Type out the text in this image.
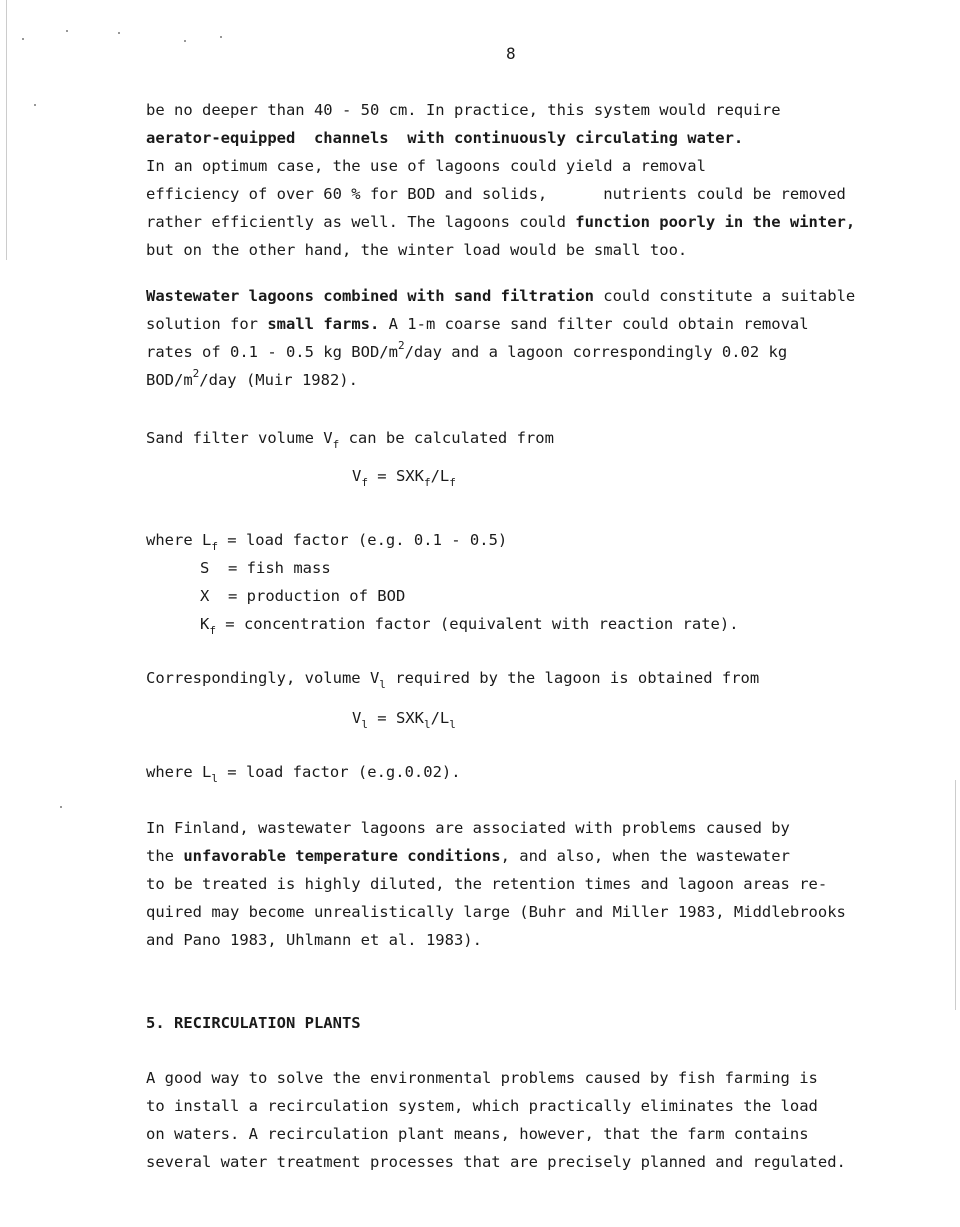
8
be no deeper than 40 - 50 cm. In practice, this system would require
aerator-equipped  channels  with continuously circulating water.
In an optimum case, the use of lagoons could yield a removal
efficiency of over 60 % for BOD and solids,      nutrients could be removed
rather efficiently as well. The lagoons could function poorly in the winter,
but on the other hand, the winter load would be small too.
Wastewater lagoons combined with sand filtration could constitute a suitable
solution for small farms. A 1-m coarse sand filter could obtain removal
rates of 0.1 - 0.5 kg BOD/$m^2$/day and a lagoon correspondingly 0.02 kg
BOD/$m^2$/day (Muir 1982).
Sand filter volume $V_f$ can be calculated from
$V_f = SXK_f/L_f$
where $L_f$ = load factor (e.g. 0.1 - 0.5)
S  = fish mass
X  = production of BOD
$K_f$ = concentration factor (equivalent with reaction rate).
Correspondingly, volume $V_l$ required by the lagoon is obtained from
$V_l = SXK_l/L_l$
where $L_l$ = load factor (e.g.0.02).
In Finland, wastewater lagoons are associated with problems caused by
the unfavorable temperature conditions, and also, when the wastewater
to be treated is highly diluted, the retention times and lagoon areas re-
quired may become unrealistically large (Buhr and Miller 1983, Middlebrooks
and Pano 1983, Uhlmann et al. 1983).
5. RECIRCULATION PLANTS
A good way to solve the environmental problems caused by fish farming is
to install a recirculation system, which practically eliminates the load
on waters. A recirculation plant means, however, that the farm contains
several water treatment processes that are precisely planned and regulated.
